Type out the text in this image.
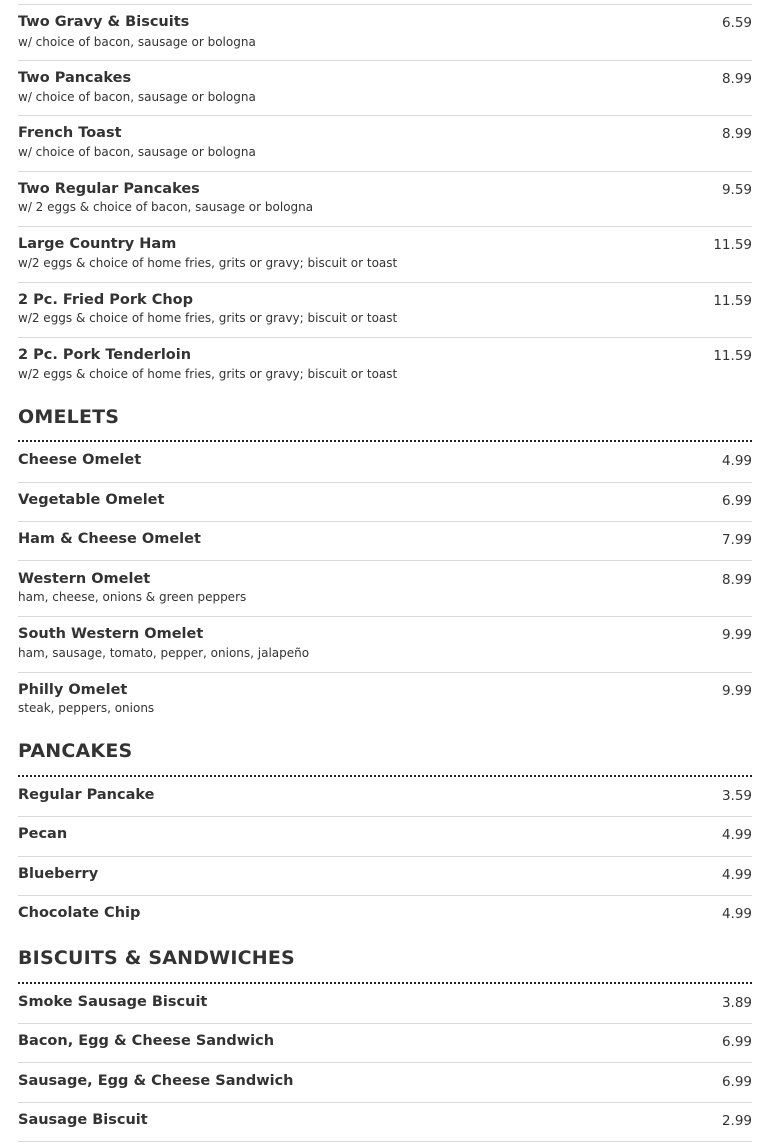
Two Gravy & Biscuits
w/ choice of bacon, sausage or bologna
6.59
Two Pancakes
w/ choice of bacon, sausage or bologna
8.99
French Toast
w/ choice of bacon, sausage or bologna
8.99
Two Regular Pancakes
w/ 2 eggs & choice of bacon, sausage or bologna
9.59
Large Country Ham
w/2 eggs & choice of home fries, grits or gravy; biscuit or toast
11.59
2 Pc. Fried Pork Chop
w/2 eggs & choice of home fries, grits or gravy; biscuit or toast
11.59
2 Pc. Pork Tenderloin
w/2 eggs & choice of home fries, grits or gravy; biscuit or toast
11.59
OMELETS
Cheese Omelet	4.99
Vegetable Omelet	6.99
Ham & Cheese Omelet	7.99
Western Omelet
ham, cheese, onions & green peppers
8.99
South Western Omelet
ham, sausage, tomato, pepper, onions, jalapeño
9.99
Philly Omelet
steak, peppers, onions
9.99
PANCAKES
Regular Pancake	3.59
Pecan	4.99
Blueberry	4.99
Chocolate Chip	4.99
BISCUITS & SANDWICHES
Smoke Sausage Biscuit	3.89
Bacon, Egg & Cheese Sandwich	6.99
Sausage, Egg & Cheese Sandwich	6.99
Sausage Biscuit	2.99
